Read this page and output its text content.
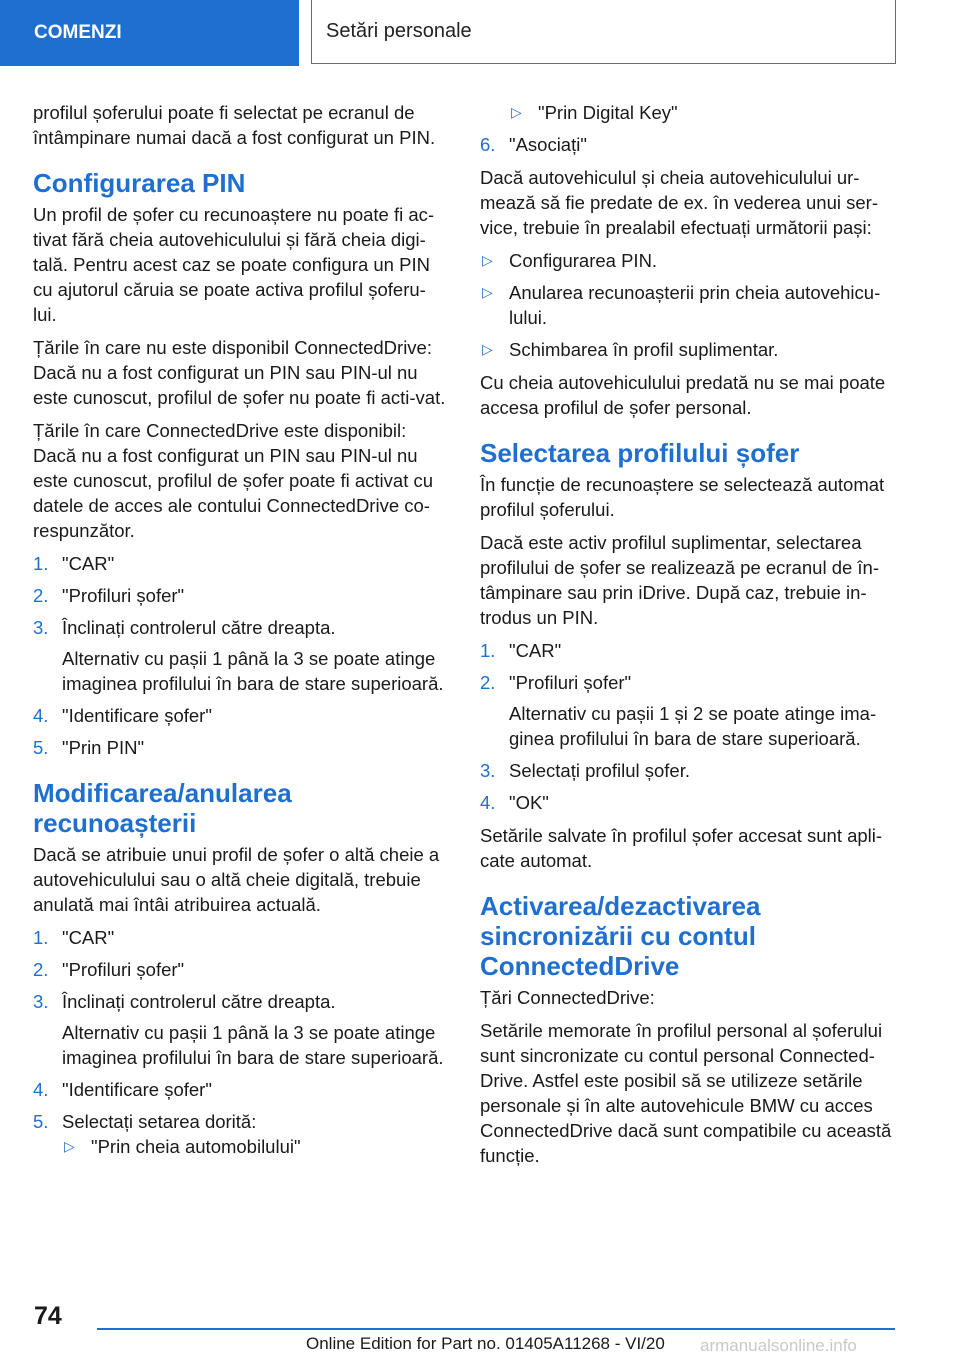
COMENZI	Setări personale

profilul șoferului poate fi selectat pe ecranul de întâmpinare numai dacă a fost configurat un PIN.

Configurarea PIN

Un profil de șofer cu recunoaștere nu poate fi ac-tivat fără cheia autovehiculului și fără cheia digi-tală. Pentru acest caz se poate configura un PIN cu ajutorul căruia se poate activa profilul șoferu-lui.

Țările în care nu este disponibil ConnectedDrive: Dacă nu a fost configurat un PIN sau PIN-ul nu este cunoscut, profilul de șofer nu poate fi acti-vat.

Țările în care ConnectedDrive este disponibil: Dacă nu a fost configurat un PIN sau PIN-ul nu este cunoscut, profilul de șofer poate fi activat cu datele de acces ale contului ConnectedDrive co-respunzător.

1. "CAR"
2. "Profiluri șofer"
3. Înclinați controlerul către dreapta.
Alternativ cu pașii 1 până la 3 se poate atinge imaginea profilului în bara de stare superioară.
4. "Identificare șofer"
5. "Prin PIN"
Modificarea/anularea recunoașterii

Dacă se atribuie unui profil de șofer o altă cheie a autovehiculului sau o altă cheie digitală, trebuie anulată mai întâi atribuirea actuală.

1. "CAR"
2. "Profiluri șofer"
3. Înclinați controlerul către dreapta.
Alternativ cu pașii 1 până la 3 se poate atinge imaginea profilului în bara de stare superioară.
4. "Identificare șofer"
5. Selectați setarea dorită:
▷ "Prin cheia automobilului"
▷ "Prin Digital Key"
6. "Asociați"

Dacă autovehiculul și cheia autovehiculului ur-mează să fie predate de ex. în vederea unui ser-vice, trebuie în prealabil efectuați următorii pași:

▷ Configurarea PIN.
▷ Anularea recunoașterii prin cheia autovehicu-lului.
▷ Schimbarea în profil suplimentar.

Cu cheia autovehiculului predată nu se mai poate accesa profilul de șofer personal.

Selectarea profilului șofer

În funcție de recunoaștere se selectează automat profilul șoferului.

Dacă este activ profilul suplimentar, selectarea profilului de șofer se realizează pe ecranul de în-tâmpinare sau prin iDrive. După caz, trebuie in-trodus un PIN.

1. "CAR"
2. "Profiluri șofer"
Alternativ cu pașii 1 și 2 se poate atinge ima-ginea profilului în bara de stare superioară.
3. Selectați profilul șofer.
4. "OK"

Setările salvate în profilul șofer accesat sunt apli-cate automat.

Activarea/dezactivarea sincronizării cu contul ConnectedDrive

Țări ConnectedDrive:

Setările memorate în profilul personal al șoferului sunt sincronizate cu contul personal Connected-Drive. Astfel este posibil să se utilizeze setările personale și în alte autovehicule BMW cu acces ConnectedDrive dacă sunt compatibile cu această funcție.

74
Online Edition for Part no. 01405A11268 - VI/20 armanualsonline.info
